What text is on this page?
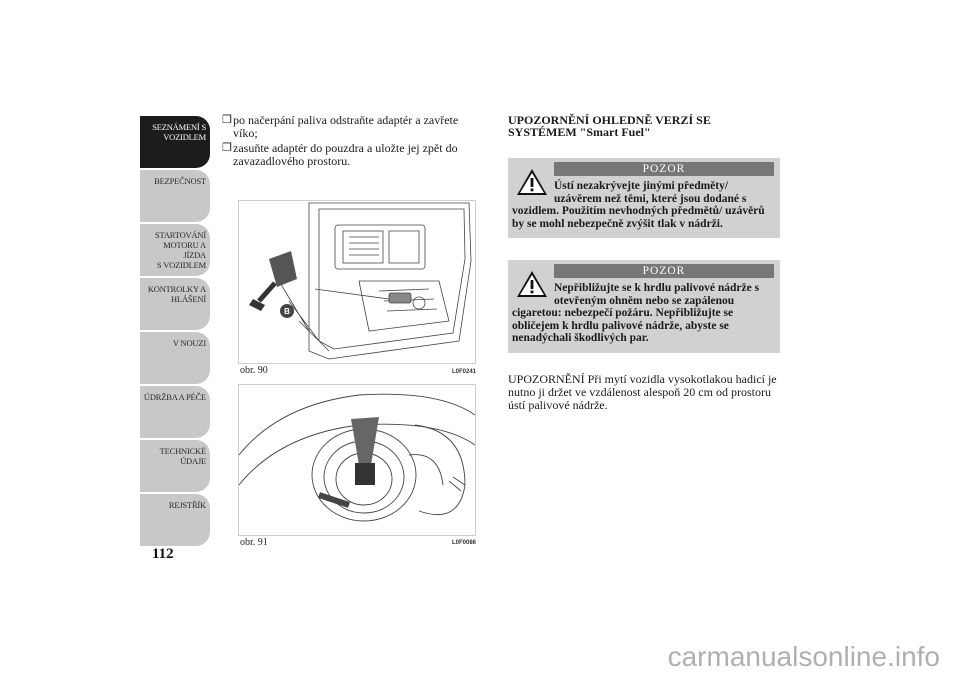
SEZNÁMENÍ S
VOZIDLEM
BEZPEČNOST
STARTOVÁNÍ
MOTORU A JÍZDA
S VOZIDLEM
KONTROLKY A
HLÁŠENÍ
V NOUZI
ÚDRŽBA A PÉČE
TECHNICKÉ
ÚDAJE
REJSTŘÍK
112
❒ po načerpání paliva odstraňte adaptér a zavřete víko;
❒ zasuňte adaptér do pouzdra a uložte jej zpět do zavazadlového prostoru.
B
obr. 90	L0F0241
obr. 91	L0F0086
UPOZORNĚNÍ OHLEDNĚ VERZÍ SE SYSTÉMEM "Smart Fuel"
POZOR
Ústí nezakrývejte jinými předměty/ uzávěrem než těmi, které jsou dodané s
vozidlem. Použitím nevhodných předmětů/ uzávěrů by se mohl nebezpečně zvýšit tlak v nádrži.
POZOR
Nepřibližujte se k hrdlu palivové nádrže s otevřeným ohněm nebo se zapálenou
cigaretou: nebezpečí požáru. Nepřibližujte se obličejem k hrdlu palivové nádrže, abyste se nenadýchali škodlivých par.
UPOZORNĚNÍ Při mytí vozidla vysokotlakou hadicí je nutno ji držet ve vzdálenost alespoň 20 cm od prostoru ústí palivové nádrže.
carmanualsonline.info
